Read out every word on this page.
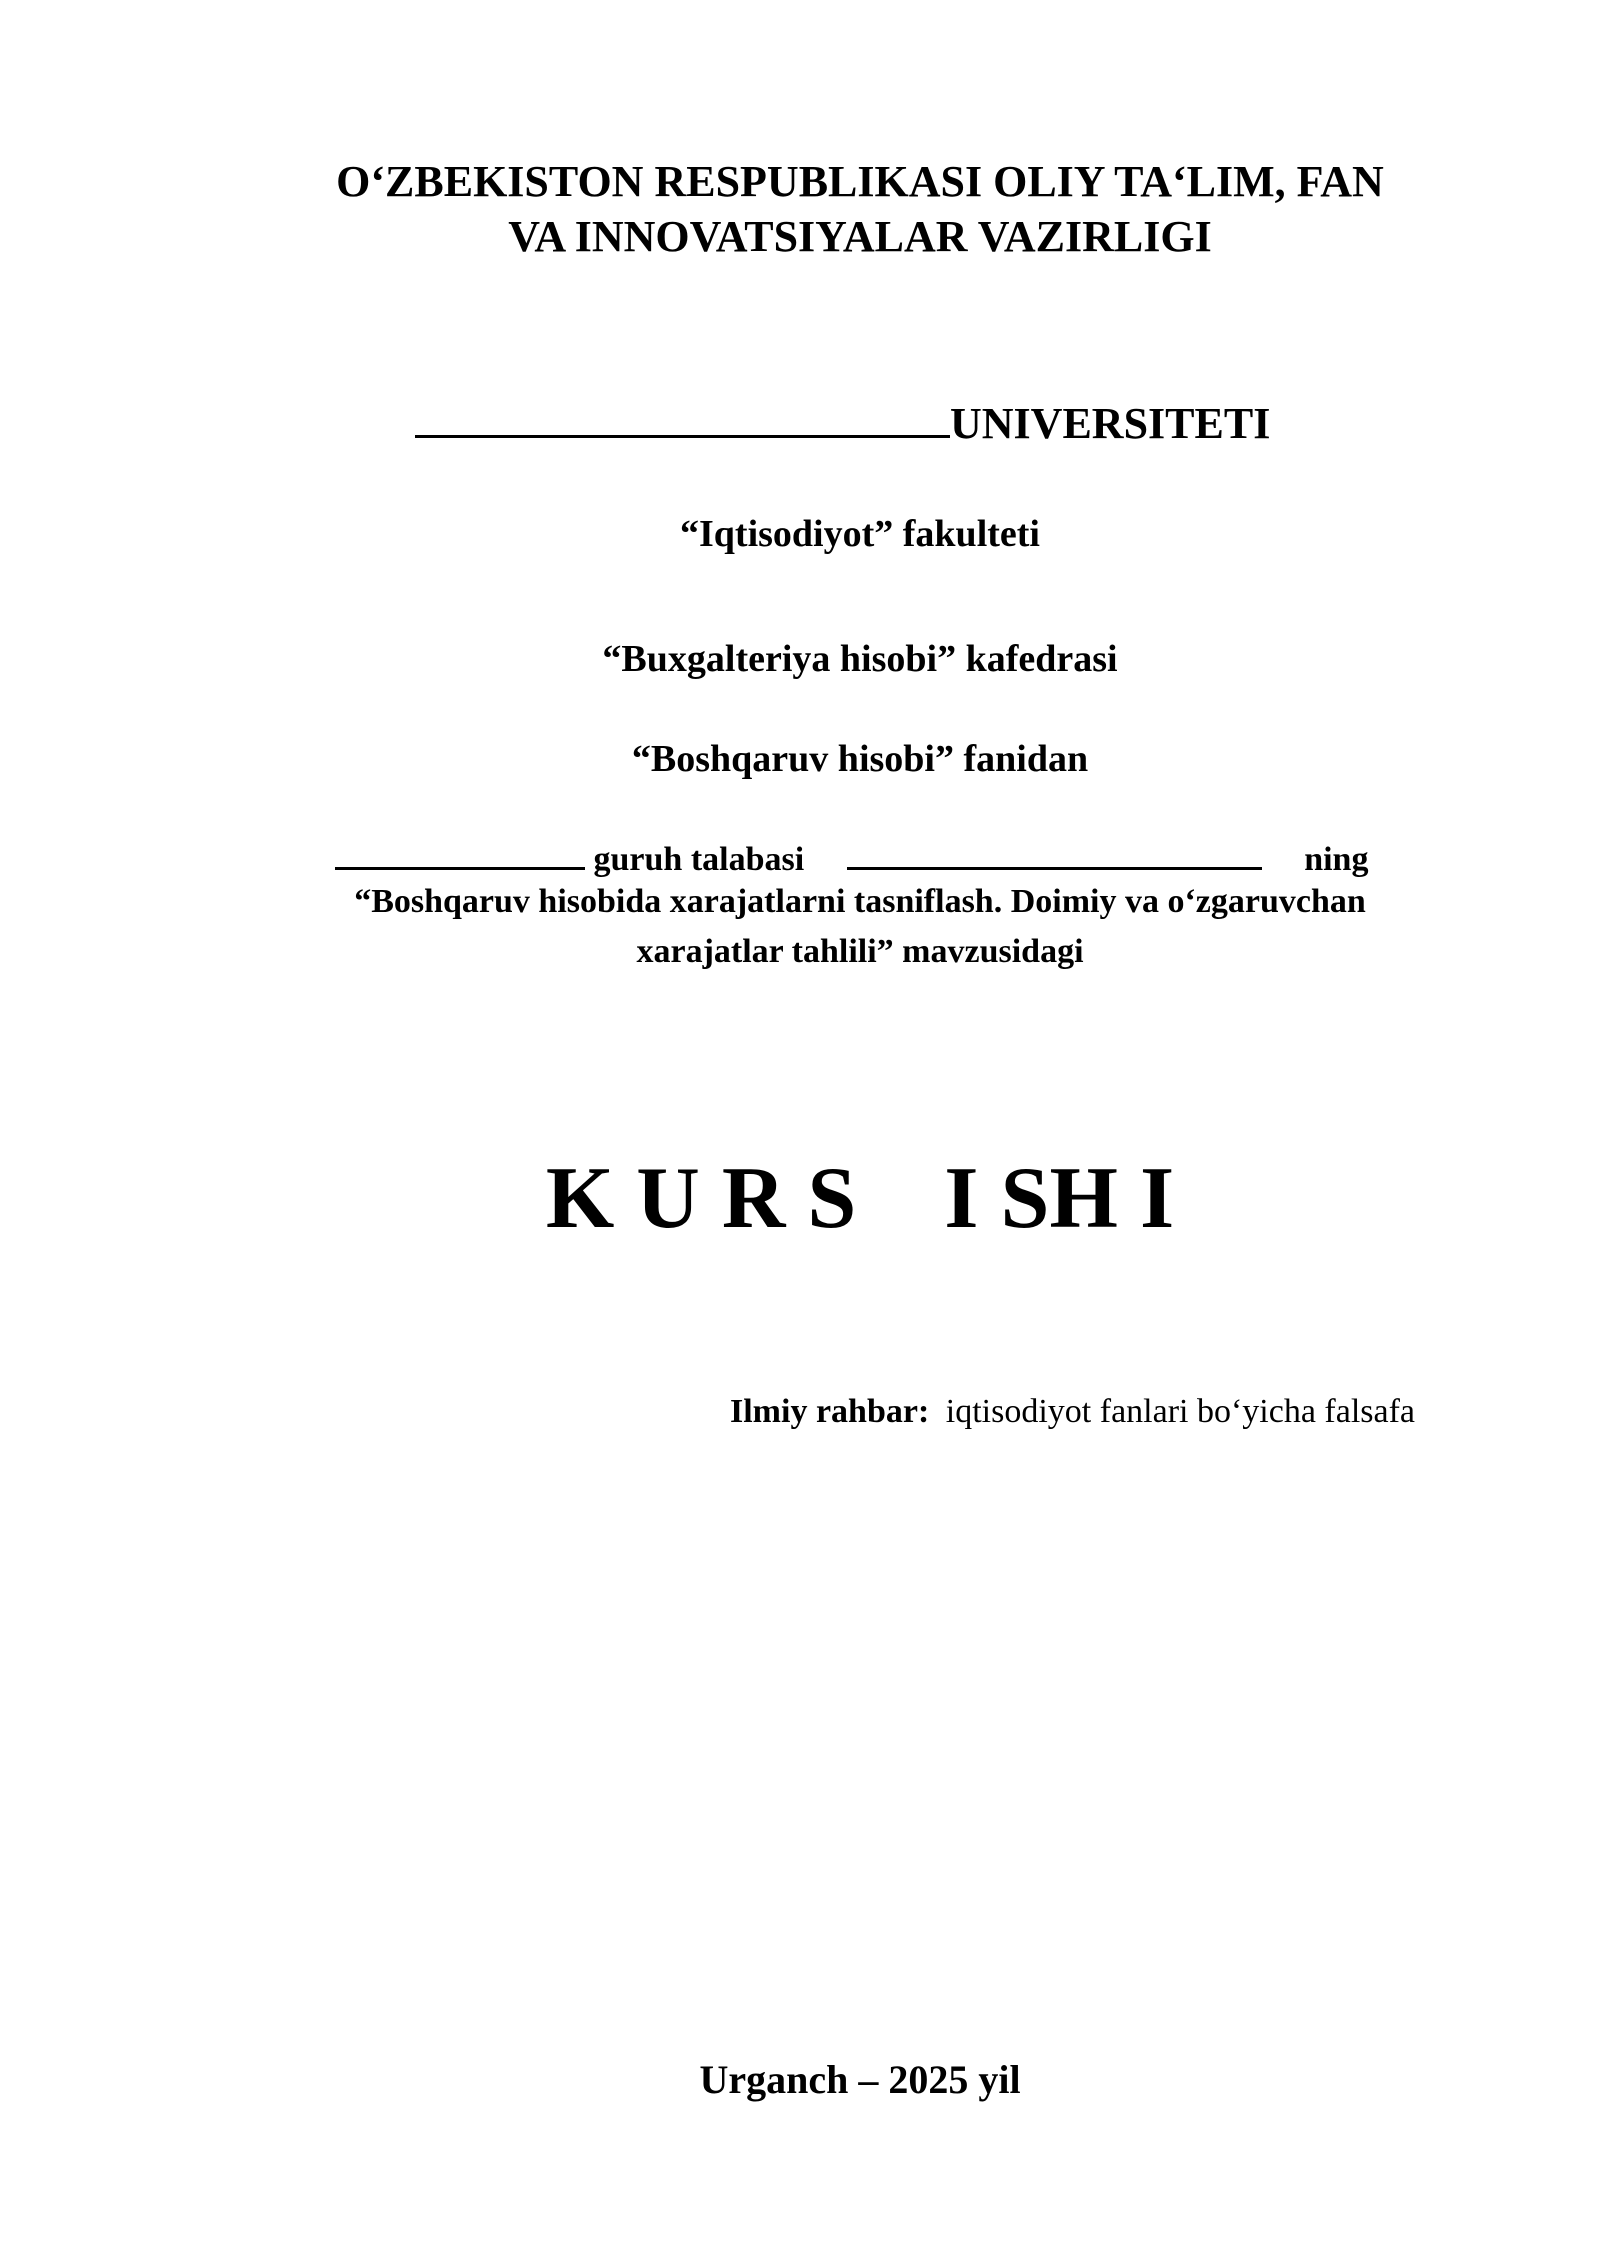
O‘ZBEKISTON RESPUBLIKASI OLIY TA‘LIM, FAN
VA INNOVATSIYALAR VAZIRLIGI
UNIVERSITETI
“Iqtisodiyot” fakulteti
“Buxgalteriya hisobi” kafedrasi
“Boshqaruv hisobi” fanidan
guruh talabasi	ning
“Boshqaruv hisobida xarajatlarni tasniflash. Doimiy va o‘zgaruvchan
xarajatlar tahlili” mavzusidagi
K U R S    I SH I
Ilmiy rahbar: iqtisodiyot fanlari bo‘yicha falsafa
Urganch – 2025 yil
